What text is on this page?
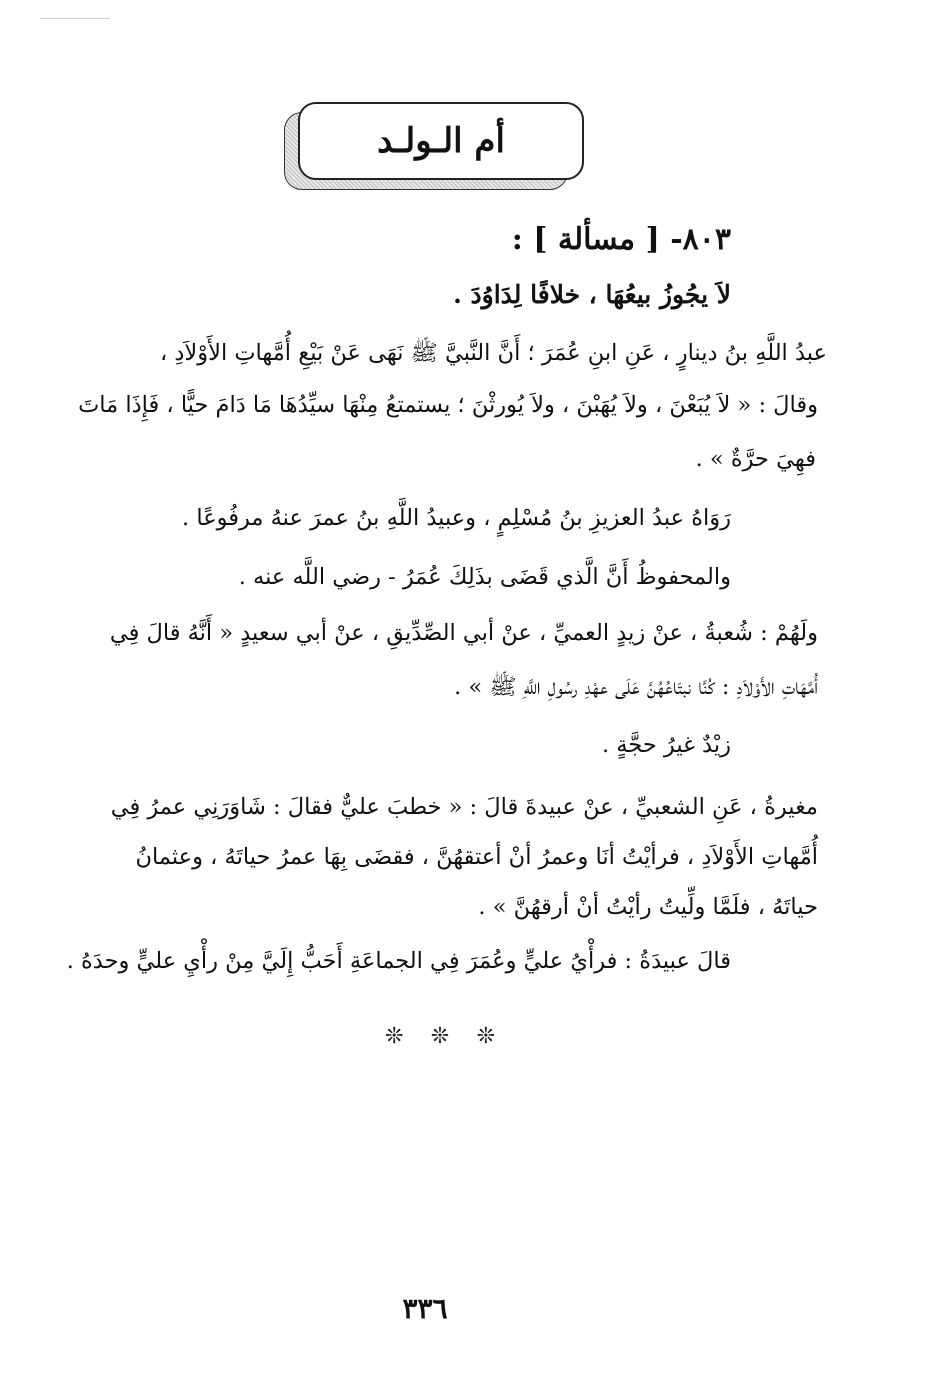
أم الـولـد
٨٠٣- [ مسألة ] :
لاَ يجُوزُ بيعُهَا ، خلافًا لِدَاوُدَ .
عبدُ اللَّهِ بنُ دينارٍ ، عَنِ ابنِ عُمَرَ ؛ أَنَّ النَّبيَّ ﷺ نَهَى عَنْ بَيْعِ أُمَّهاتِ الأَوْلاَدِ ،
وقالَ : « لاَ يُبَعْنَ ، ولاَ يُهَبْنَ ، ولاَ يُورثْنَ ؛ يستمتعُ مِنْهَا سيِّدُهَا مَا دَامَ حيًّا ، فَإِذَا مَاتَ
فهِيَ حرَّةٌ » .
رَوَاهُ عبدُ العزيزِ بنُ مُسْلِمٍ ، وعبيدُ اللَّهِ بنُ عمرَ عنهُ مرفُوعًا .
والمحفوظُ أَنَّ الَّذي قَضَى بذَلِكَ عُمَرُ - رضي اللَّه عنه .
ولَهُمْ : شُعبةُ ، عنْ زيدٍ العميِّ ، عنْ أبي الصِّدِّيقِ ، عنْ أبي سعيدٍ « أَنَّهُ قالَ فِي
أُمَّهَاتِ الأَوْلاَدِ : كُنَّا نبتَاعُهُنَّ عَلَى عهْدِ رسُولِ اللَّهِ ﷺ » .
زيْدٌ غيرُ حجَّةٍ .
مغيرةُ ، عَنِ الشعبيِّ ، عنْ عبيدةَ قالَ : « خطبَ عليٌّ فقالَ : شَاوَرَنِي عمرُ فِي
أُمَّهاتِ الأَوْلاَدِ ، فرأيْتُ أنَا وعمرُ أنْ أعتقهُنَّ ، فقضَى بِهَا عمرُ حياتَهُ ، وعثمانُ
حياتَهُ ، فلَمَّا ولِّيتُ رأيْتُ أنْ أرقهُنَّ » .
قالَ عبيدَةُ : فرأْيُ عليٍّ وعُمَرَ فِي الجماعَةِ أَحَبُّ إِلَيَّ مِنْ رأْيِ عليٍّ وحدَهُ .
❊
❊
❊
٣٣٦
